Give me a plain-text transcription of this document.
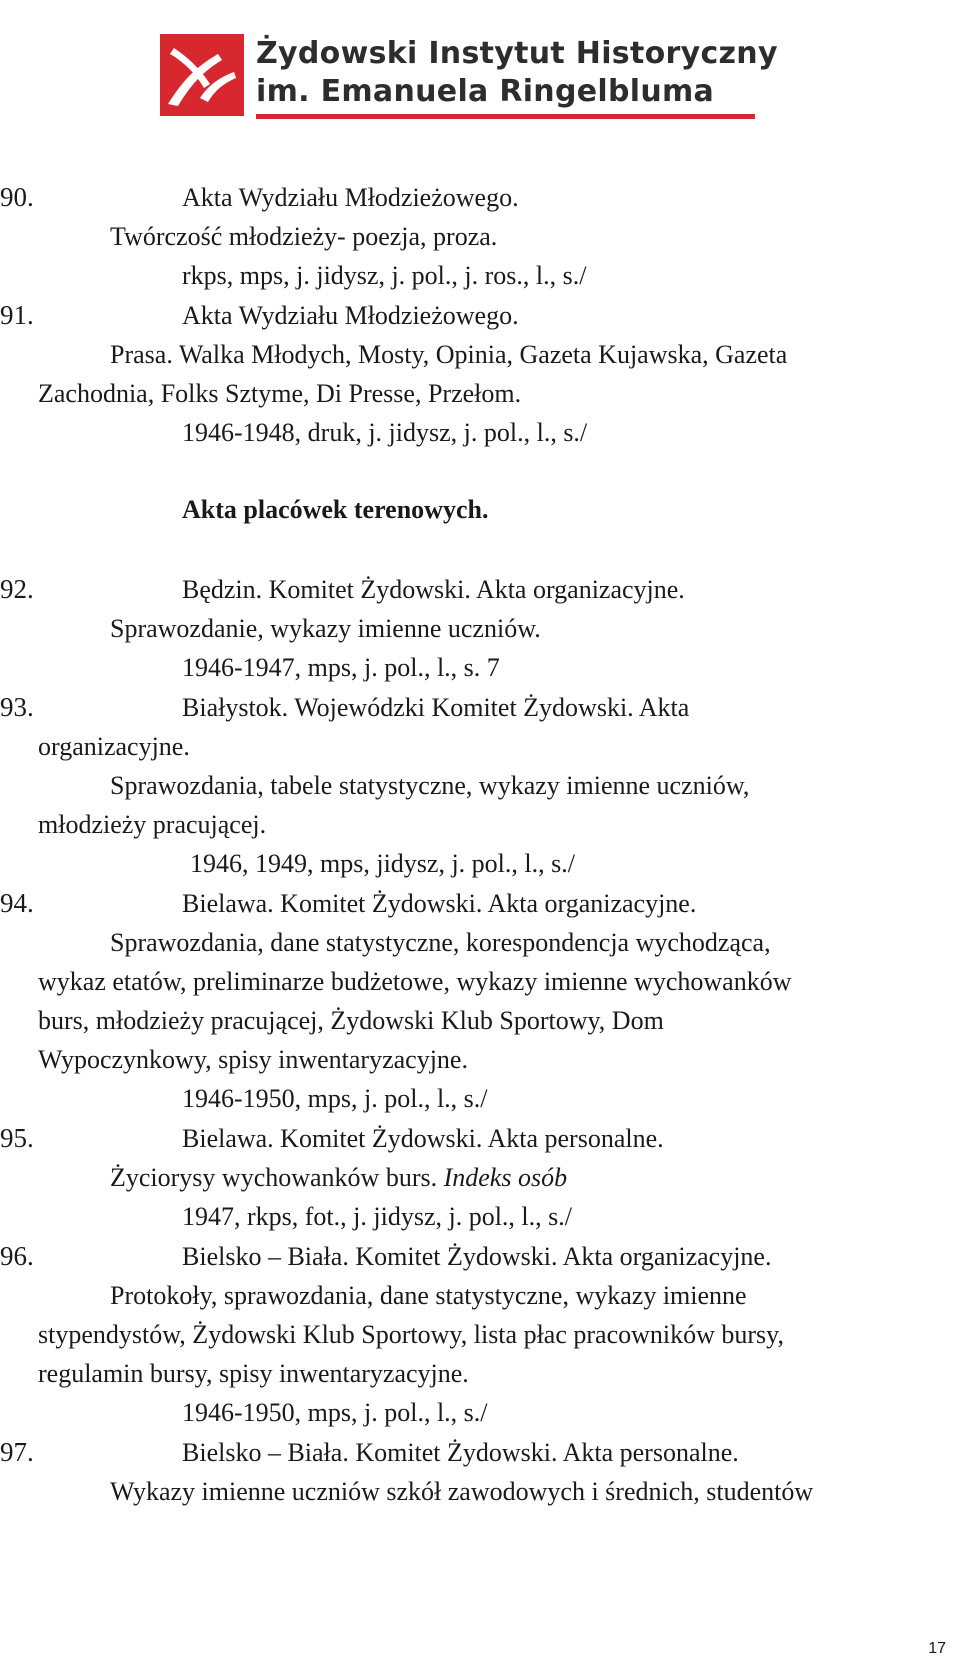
Żydowski Instytut Historyczny
im. Emanuela Ringelbluma
90.	Akta Wydziału Młodzieżowego.
Twórczość młodzieży- poezja, proza.
rkps, mps, j. jidysz, j. pol., j. ros., l., s./
91.	Akta Wydziału Młodzieżowego.
Prasa. Walka Młodych, Mosty, Opinia, Gazeta Kujawska, Gazeta
Zachodnia, Folks Sztyme, Di Presse, Przełom.
1946-1948, druk, j. jidysz, j. pol., l., s./
Akta placówek terenowych.
92.	Będzin. Komitet Żydowski. Akta organizacyjne.
Sprawozdanie, wykazy imienne uczniów.
1946-1947, mps, j. pol., l., s. 7
93.	Białystok. Wojewódzki Komitet Żydowski. Akta
organizacyjne.
Sprawozdania, tabele statystyczne, wykazy imienne uczniów,
młodzieży pracującej.
1946, 1949, mps, jidysz, j. pol., l., s./
94.	Bielawa. Komitet Żydowski. Akta organizacyjne.
Sprawozdania, dane statystyczne, korespondencja wychodząca,
wykaz etatów, preliminarze budżetowe, wykazy imienne wychowanków
burs, młodzieży pracującej, Żydowski Klub Sportowy, Dom
Wypoczynkowy, spisy inwentaryzacyjne.
1946-1950, mps, j. pol., l., s./
95.	Bielawa. Komitet Żydowski. Akta personalne.
Życiorysy wychowanków burs. Indeks osób
1947, rkps, fot., j. jidysz, j. pol., l., s./
96.	Bielsko – Biała. Komitet Żydowski. Akta organizacyjne.
Protokoły, sprawozdania, dane statystyczne, wykazy imienne
stypendystów, Żydowski Klub Sportowy, lista płac pracowników bursy,
regulamin bursy, spisy inwentaryzacyjne.
1946-1950, mps, j. pol., l., s./
97.	Bielsko – Biała. Komitet Żydowski. Akta personalne.
Wykazy imienne uczniów szkół zawodowych i średnich, studentów
17
